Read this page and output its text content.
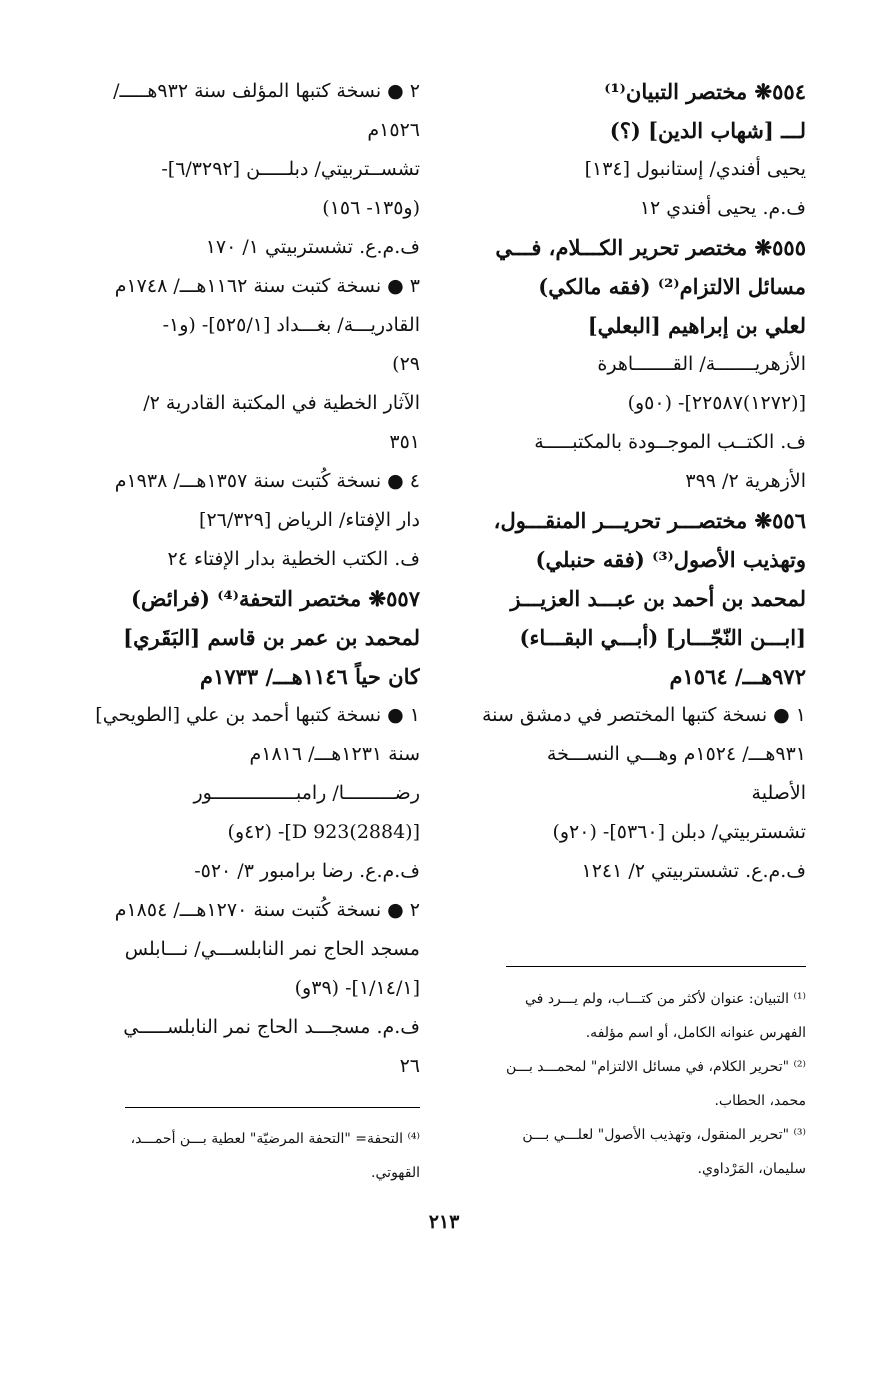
٥٥٤❋ مختصر التبيان⁽¹⁾
لـــ [شهاب الدين] (؟)
يحيى أفندي/ إستانبول [١٣٤]
ف.م. يحيى أفندي ١٢
٥٥٥❋ مختصر تحرير الكـــلام، فـــي
مسائل الالتزام⁽²⁾ (فقه مالكي)
لعلي بن إبراهيم [البعلي]
الأزهريـــــــة/ القـــــــاهرة
[(١٢٧٢)٢٢٥٨٧]- (٥٠و)
ف. الكتــب الموجــودة بالمكتبـــــة
الأزهرية ٢/ ٣٩٩
٥٥٦❋ مختصـــر تحريـــر المنقـــول،
وتهذيب الأصول⁽³⁾ (فقه حنبلي)
لمحمد بن أحمد بن عبـــد العزيـــز
[ابـــن النّجّـــار] (أبـــي البقـــاء)
٩٧٢هـــ/ ١٥٦٤م
١ ● نسخة كتبها المختصر في دمشق سنة
٩٣١هـــ/ ١٥٢٤م وهـــي النســـخة
الأصلية
تشستربيتي/ دبلن [٥٣٦٠]- (٢٠و)
ف.م.ع. تشستربيتي ٢/ ١٢٤١
٢ ● نسخة كتبها المؤلف سنة ٩٣٢هـــــ/
١٥٢٦م
تشســتربيتي/ دبلـــــن [٦/٣٢٩٢]-
(و١٣٥- ١٥٦)
ف.م.ع. تشستربيتي ١/ ١٧٠
٣ ● نسخة كتبت سنة ١١٦٢هـــ/ ١٧٤٨م
القادريـــة/ بغـــداد [٥٢٥/١]- (و١-
٢٩)
الآثار الخطية في المكتبة القادرية ٢/
٣٥١
٤ ● نسخة كُتبت سنة ١٣٥٧هـــ/ ١٩٣٨م
دار الإفتاء/ الرياض [٢٦/٣٢٩]
ف. الكتب الخطية بدار الإفتاء ٢٤
٥٥٧❋ مختصر التحفة⁽⁴⁾ (فرائض)
لمحمد بن عمر بن قاسم [البَقَري]
كان حياً ١١٤٦هـــ/ ١٧٣٣م
١ ● نسخة كتبها أحمد بن علي [الطويحي]
سنة ١٢٣١هـــ/ ١٨١٦م
رضـــــــــا/ رامبـــــــــــــــور
[(2884)923 D]- (٤٢و)
ف.م.ع. رضا برامبور ٣/ ٥٢٠-
٢ ● نسخة كُتبت سنة ١٢٧٠هـــ/ ١٨٥٤م
مسجد الحاج نمر النابلســـي/ نـــابلس
[١/١٤/١]- (٣٩و)
ف.م. مسجـــد الحاج نمر النابلســـــي
٢٦
⁽¹⁾ التبيان: عنوان لأكثر من كتـــاب، ولم يـــرد في
الفهرس عنوانه الكامل، أو اسم مؤلفه.
⁽²⁾ "تحرير الكلام، في مسائل الالتزام" لمحمـــد بـــن
محمد، الحطاب.
⁽³⁾ "تحرير المنقول، وتهذيب الأصول" لعلـــي بـــن
سليمان، المَرْداوي.
⁽⁴⁾ التحفة= "التحفة المرضيّة" لعطية بـــن أحمـــد،
القهوتي.
٢١٣
